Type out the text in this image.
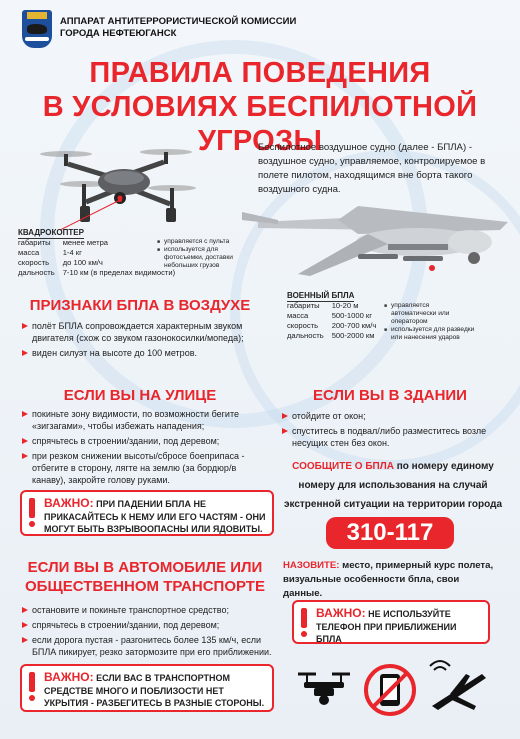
АППАРАТ АНТИТЕРРОРИСТИЧЕСКОЙ КОМИССИИ
ГОРОДА НЕФТЕЮГАНСК
ПРАВИЛА ПОВЕДЕНИЯ
В УСЛОВИЯХ БЕСПИЛОТНОЙ УГРОЗЫ
Беспилотное воздушное судно (далее - БПЛА) - воздушное судно, управляемое, контролируемое в полете пилотом, находящимся вне борта такого воздушного судна.
КВАДРОКОПТЕР
габариты	менее метра
масса	1-4 кг
скорость	до 100 км/ч
дальность	7-10 км (в пределах видимости)
■ управляется с пульта
■ используется для фотосъемки, доставки небольших грузов
ВОЕННЫЙ БПЛА
габариты	10-20 м
масса	500-1000 кг
скорость	200-700 км/ч
дальность	500-2000 км
■ управляется автоматически или оператором
■ используется для разведки или нанесения ударов
ПРИЗНАКИ БПЛА В ВОЗДУХЕ
полёт БПЛА сопровождается характерным звуком двигателя (схож со звуком газонокосилки/мопеда);
виден силуэт на высоте до 100 метров.
ЕСЛИ ВЫ НА УЛИЦЕ
покиньте зону видимости, по возможности бегите «зигзагами», чтобы избежать нападения;
спрячьтесь в строении/здании, под деревом;
при резком снижении высоты/сбросе боеприпаса - отбегите в сторону, лягте на землю (за бордюр/в канаву), закройте голову руками.
ВАЖНО: ПРИ ПАДЕНИИ БПЛА НЕ ПРИКАСАЙТЕСЬ К НЕМУ ИЛИ ЕГО ЧАСТЯМ - ОНИ МОГУТ БЫТЬ ВЗРЫВООПАСНЫ ИЛИ ЯДОВИТЫ.
ЕСЛИ ВЫ В ЗДАНИИ
отойдите от окон;
спуститесь в подвал/либо разместитесь возле несущих стен без окон.
СООБЩИТЕ О БПЛА по номеру единому номеру для использования на случай экстренной ситуации на территории города
310-117
НАЗОВИТЕ: место, примерный курс полета, визуальные особенности бпла, свои данные.
ВАЖНО: НЕ ИСПОЛЬЗУЙТЕ ТЕЛЕФОН ПРИ ПРИБЛИЖЕНИИ БПЛА
ЕСЛИ ВЫ В АВТОМОБИЛЕ ИЛИ
ОБЩЕСТВЕННОМ ТРАНСПОРТЕ
остановите и покиньте транспортное средство;
спрячьтесь в строении/здании, под деревом;
если дорога пустая - разгонитесь более 135 км/ч, если БПЛА пикирует, резко затормозите при его приближении.
ВАЖНО: ЕСЛИ ВАС В ТРАНСПОРТНОМ СРЕДСТВЕ МНОГО И ПОБЛИЗОСТИ НЕТ УКРЫТИЯ - РАЗБЕГИТЕСЬ В РАЗНЫЕ СТОРОНЫ.
